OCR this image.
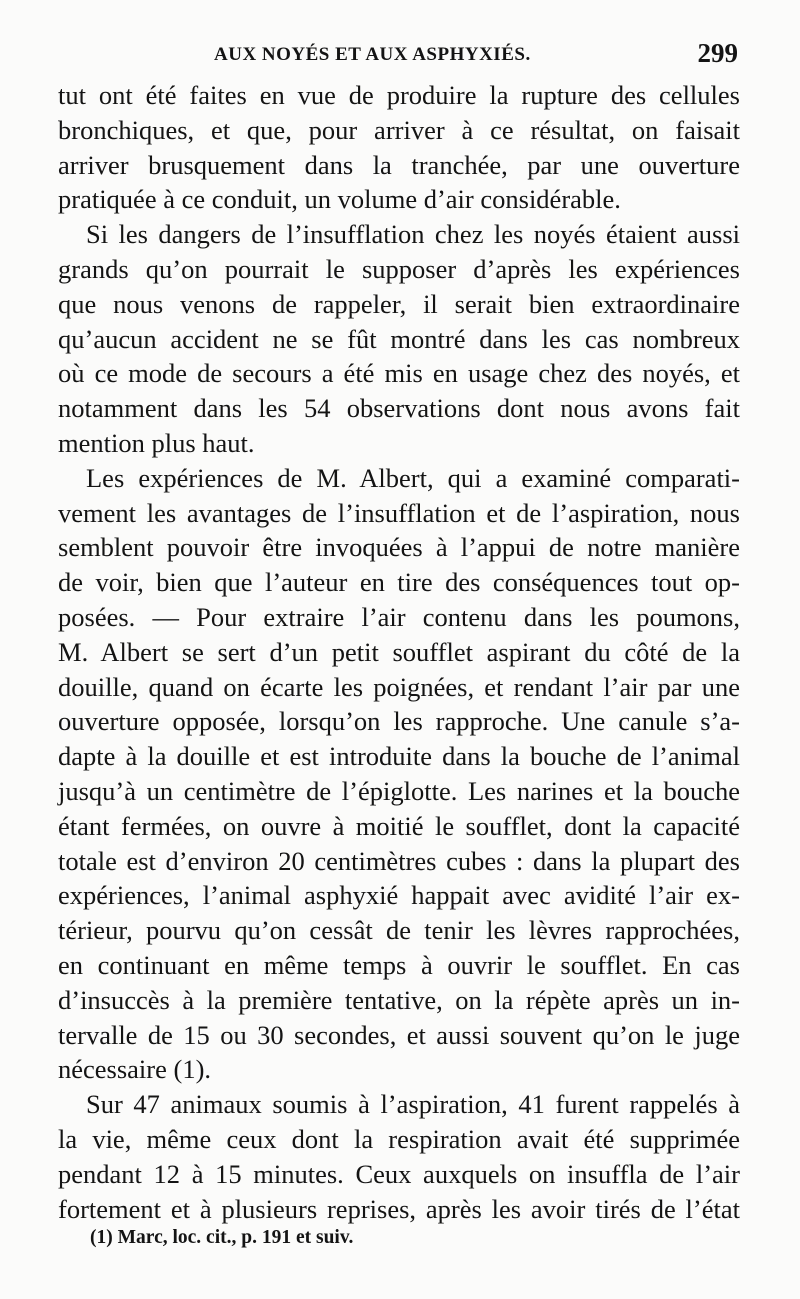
AUX NOYÉS ET AUX ASPHYXIÉS.	299
tut ont été faites en vue de produire la rupture des cellules
bronchiques, et que, pour arriver à ce résultat, on faisait
arriver brusquement dans la tranchée, par une ouverture
pratiquée à ce conduit, un volume d’air considérable.
Si les dangers de l’insufflation chez les noyés étaient aussi
grands qu’on pourrait le supposer d’après les expériences
que nous venons de rappeler, il serait bien extraordinaire
qu’aucun accident ne se fût montré dans les cas nombreux
où ce mode de secours a été mis en usage chez des noyés, et
notamment dans les 54 observations dont nous avons fait
mention plus haut.
Les expériences de M. Albert, qui a examiné comparati-
vement les avantages de l’insufflation et de l’aspiration, nous
semblent pouvoir être invoquées à l’appui de notre manière
de voir, bien que l’auteur en tire des conséquences tout op-
posées. — Pour extraire l’air contenu dans les poumons,
M. Albert se sert d’un petit soufflet aspirant du côté de la
douille, quand on écarte les poignées, et rendant l’air par une
ouverture opposée, lorsqu’on les rapproche. Une canule s’a-
dapte à la douille et est introduite dans la bouche de l’animal
jusqu’à un centimètre de l’épiglotte. Les narines et la bouche
étant fermées, on ouvre à moitié le soufflet, dont la capacité
totale est d’environ 20 centimètres cubes : dans la plupart des
expériences, l’animal asphyxié happait avec avidité l’air ex-
térieur, pourvu qu’on cessât de tenir les lèvres rapprochées,
en continuant en même temps à ouvrir le soufflet. En cas
d’insuccès à la première tentative, on la répète après un in-
tervalle de 15 ou 30 secondes, et aussi souvent qu’on le juge
nécessaire (1).
Sur 47 animaux soumis à l’aspiration, 41 furent rappelés à
la vie, même ceux dont la respiration avait été supprimée
pendant 12 à 15 minutes. Ceux auxquels on insuffla de l’air
fortement et à plusieurs reprises, après les avoir tirés de l’état
(1) Marc, loc. cit., p. 191 et suiv.
